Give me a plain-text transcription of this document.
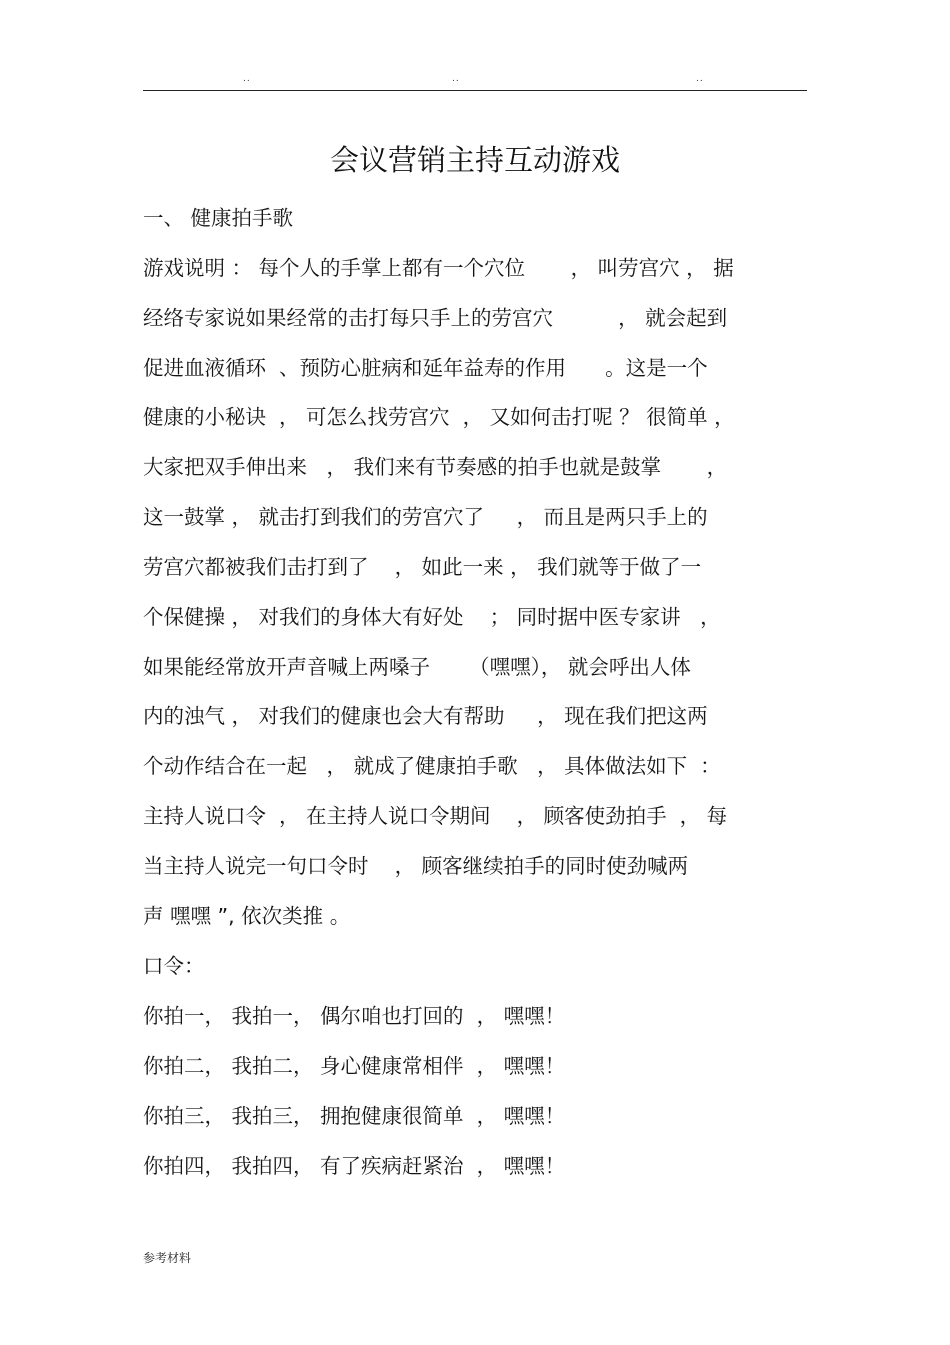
..	..	..
会议营销主持互动游戏
一、 健康拍手歌
游戏说明 ： 每个人的手掌上都有一个穴位       ， 叫劳宫穴 ， 据
经络专家说如果经常的击打每只手上的劳宫穴          ， 就会起到
促进血液循环  、预防心脏病和延年益寿的作用      。这是一个
健康的小秘诀  ， 可怎么找劳宫穴  ， 又如何击打呢 ？ 很简单 ，
大家把双手伸出来   ， 我们来有节奏感的拍手也就是鼓掌       ，
这一鼓掌 ， 就击打到我们的劳宫穴了     ， 而且是两只手上的
劳宫穴都被我们击打到了    ， 如此一来 ， 我们就等于做了一
个保健操 ， 对我们的身体大有好处    ； 同时据中医专家讲   ，
如果能经常放开声音喊上两嗓子      （嘿嘿）， 就会呼出人体
内的浊气 ， 对我们的健康也会大有帮助     ， 现在我们把这两
个动作结合在一起   ， 就成了健康拍手歌   ， 具体做法如下  ：
主持人说口令  ， 在主持人说口令期间    ， 顾客使劲拍手  ， 每
当主持人说完一句口令时    ， 顾客继续拍手的同时使劲喊两
声 嘿嘿 ”, 依次类推 。
口令：
你拍一， 我拍一， 偶尔咱也打回的  ， 嘿嘿！
你拍二， 我拍二， 身心健康常相伴  ， 嘿嘿！
你拍三， 我拍三， 拥抱健康很简单  ， 嘿嘿！
你拍四， 我拍四， 有了疾病赶紧治  ， 嘿嘿！
参考材料
